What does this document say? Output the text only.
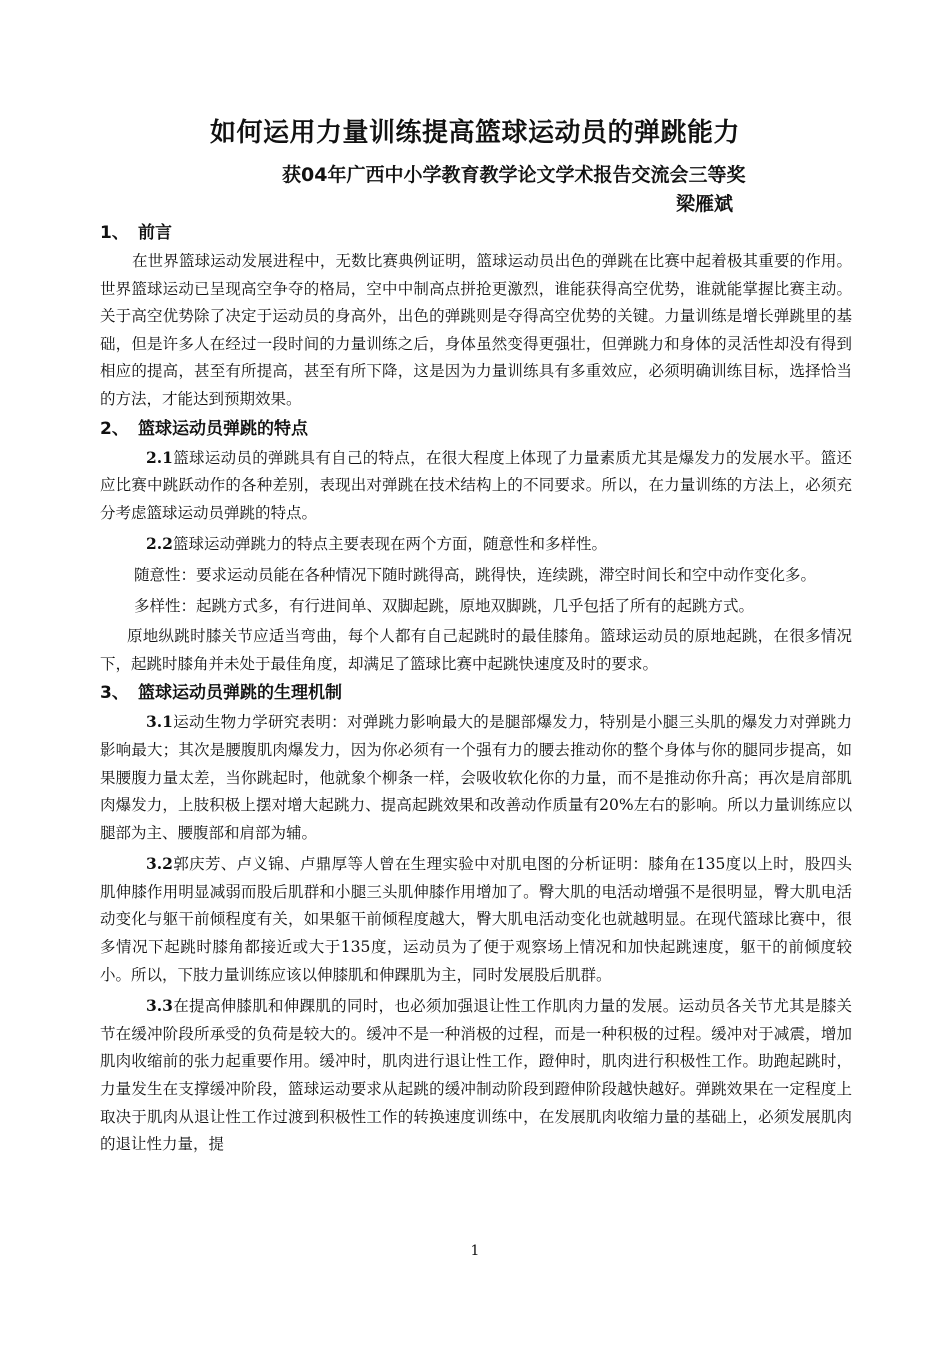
如何运用力量训练提高篮球运动员的弹跳能力
获04年广西中小学教育教学论文学术报告交流会三等奖
梁雁斌
1、 前言

在世界篮球运动发展进程中，无数比赛典例证明，篮球运动员出色的弹跳在比赛中起着极其重要的作用。世界篮球运动已呈现高空争夺的格局，空中中制高点拼抢更激烈，谁能获得高空优势，谁就能掌握比赛主动。关于高空优势除了决定于运动员的身高外，出色的弹跳则是夺得高空优势的关键。力量训练是增长弹跳里的基础，但是许多人在经过一段时间的力量训练之后，身体虽然变得更强壮，但弹跳力和身体的灵活性却没有得到相应的提高，甚至有所提高，甚至有所下降，这是因为力量训练具有多重效应，必须明确训练目标，选择恰当的方法，才能达到预期效果。

2、 篮球运动员弹跳的特点

2.1篮球运动员的弹跳具有自己的特点，在很大程度上体现了力量素质尤其是爆发力的发展水平。篮还应比赛中跳跃动作的各种差别，表现出对弹跳在技术结构上的不同要求。所以，在力量训练的方法上，必须充分考虑篮球运动员弹跳的特点。

2.2篮球运动弹跳力的特点主要表现在两个方面，随意性和多样性。

随意性：要求运动员能在各种情况下随时跳得高，跳得快，连续跳，滞空时间长和空中动作变化多。

多样性：起跳方式多，有行进间单、双脚起跳，原地双脚跳，几乎包括了所有的起跳方式。

原地纵跳时膝关节应适当弯曲，每个人都有自己起跳时的最佳膝角。篮球运动员的原地起跳，在很多情况下，起跳时膝角并未处于最佳角度，却满足了篮球比赛中起跳快速度及时的要求。

3、 篮球运动员弹跳的生理机制

3.1运动生物力学研究表明：对弹跳力影响最大的是腿部爆发力，特别是小腿三头肌的爆发力对弹跳力影响最大；其次是腰腹肌肉爆发力，因为你必须有一个强有力的腰去推动你的整个身体与你的腿同步提高，如果腰腹力量太差，当你跳起时，他就象个柳条一样，会吸收软化你的力量，而不是推动你升高；再次是肩部肌肉爆发力，上肢积极上摆对增大起跳力、提高起跳效果和改善动作质量有20%左右的影响。所以力量训练应以腿部为主、腰腹部和肩部为辅。

3.2郭庆芳、卢义锦、卢鼎厚等人曾在生理实验中对肌电图的分析证明：膝角在135度以上时，股四头肌伸膝作用明显减弱而股后肌群和小腿三头肌伸膝作用增加了。臀大肌的电活动增强不是很明显，臀大肌电活动变化与躯干前倾程度有关，如果躯干前倾程度越大，臀大肌电活动变化也就越明显。在现代篮球比赛中，很多情况下起跳时膝角都接近或大于135度，运动员为了便于观察场上情况和加快起跳速度，躯干的前倾度较小。所以，下肢力量训练应该以伸膝肌和伸踝肌为主，同时发展股后肌群。

3.3在提高伸膝肌和伸踝肌的同时，也必须加强退让性工作肌肉力量的发展。运动员各关节尤其是膝关节在缓冲阶段所承受的负荷是较大的。缓冲不是一种消极的过程，而是一种积极的过程。缓冲对于减震，增加肌肉收缩前的张力起重要作用。缓冲时，肌肉进行退让性工作，蹬伸时，肌肉进行积极性工作。助跑起跳时，力量发生在支撑缓冲阶段，篮球运动要求从起跳的缓冲制动阶段到蹬伸阶段越快越好。弹跳效果在一定程度上取决于肌肉从退让性工作过渡到积极性工作的转换速度训练中，在发展肌肉收缩力量的基础上，必须发展肌肉的退让性力量，提

1
